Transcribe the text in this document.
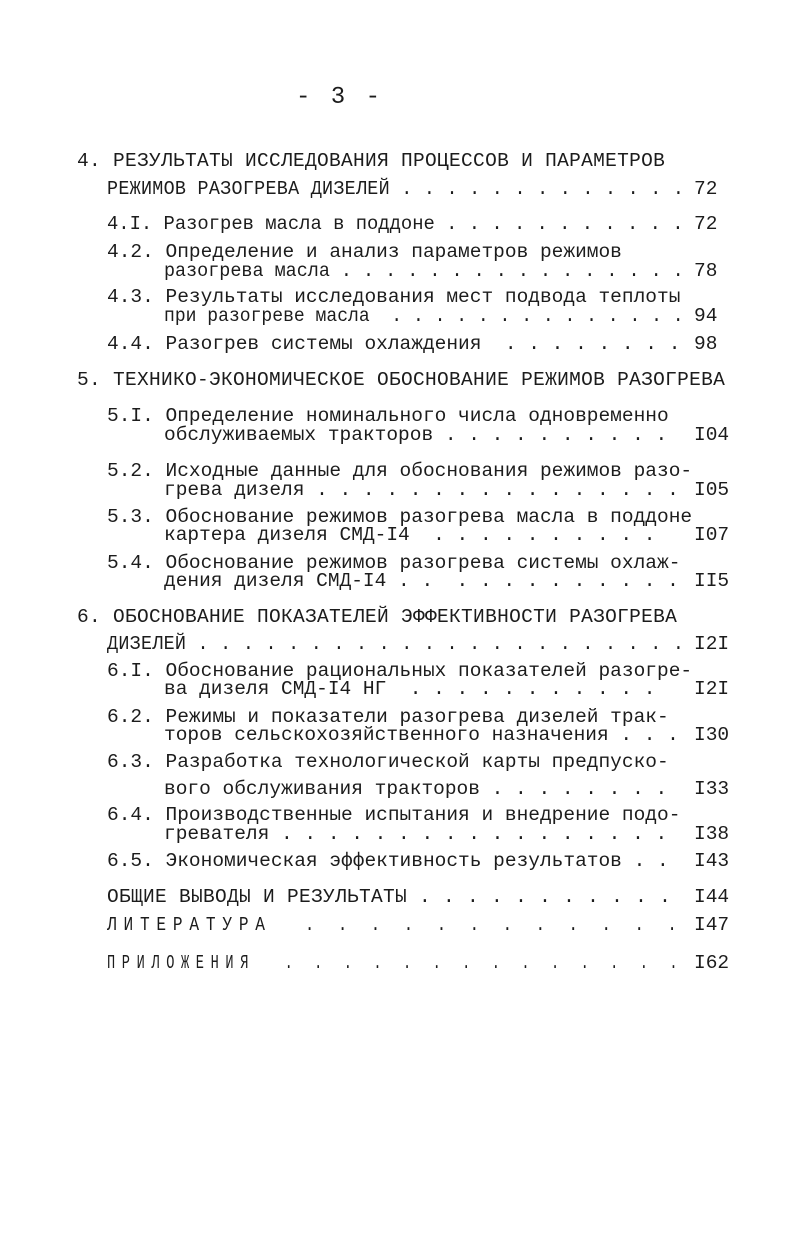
- 3 -
4. РЕЗУЛЬТАТЫ ИССЛЕДОВАНИЯ ПРОЦЕССОВ И ПАРАМЕТРОВ
РЕЖИМОВ РАЗОГРЕВА ДИЗЕЛЕЙ . . . . . . . . . . . . . 72
4.I. Разогрев масла в поддоне . . . . . . . . . . . 72
4.2. Определение и анализ параметров режимов
разогрева масла . . . . . . . . . . . . . . . . 78
4.3. Результаты исследования мест подвода теплоты
при разогреве масла  . . . . . . . . . . . . . . 94
4.4. Разогрев системы охлаждения  . . . . . . . . 98
5. ТЕХНИКО-ЭКОНОМИЧЕСКОЕ ОБОСНОВАНИЕ РЕЖИМОВ РАЗОГРЕВА
5.I. Определение номинального числа одновременно
обслуживаемых тракторов . . . . . . . . . . I04
5.2. Исходные данные для обоснования режимов разо-
грева дизеля . . . . . . . . . . . . . . . . I05
5.3. Обоснование режимов разогрева масла в поддоне
картера дизеля СМД-I4  . . . . . . . . . . I07
5.4. Обоснование режимов разогрева системы охлаж-
дения дизеля СМД-I4 . .  . . . . . . . . . . II5
6. ОБОСНОВАНИЕ ПОКАЗАТЕЛЕЙ ЭФФЕКТИВНОСТИ РАЗОГРЕВА
ДИЗЕЛЕЙ . . . . . . . . . . . . . . . . . . . . . . I2I
6.I. Обоснование рациональных показателей разогре-
ва дизеля СМД-I4 НГ  . . . . . . . . . . . I2I
6.2. Режимы и показатели разогрева дизелей трак-
торов сельскохозяйственного назначения . . . I30
6.3. Разработка технологической карты предпуско-
вого обслуживания тракторов . . . . . . . . I33
6.4. Производственные испытания и внедрение подо-
гревателя . . . . . . . . . . . . . . . . . I38
6.5. Экономическая эффективность результатов . . I43
ОБЩИЕ ВЫВОДЫ И РЕЗУЛЬТАТЫ . . . . . . . . . . . I44
ЛИТЕРАТУРА  . . . . . . . . . . . . I47
ПРИЛОЖЕНИЯ  . . . . . . . . . . . . . . I62
